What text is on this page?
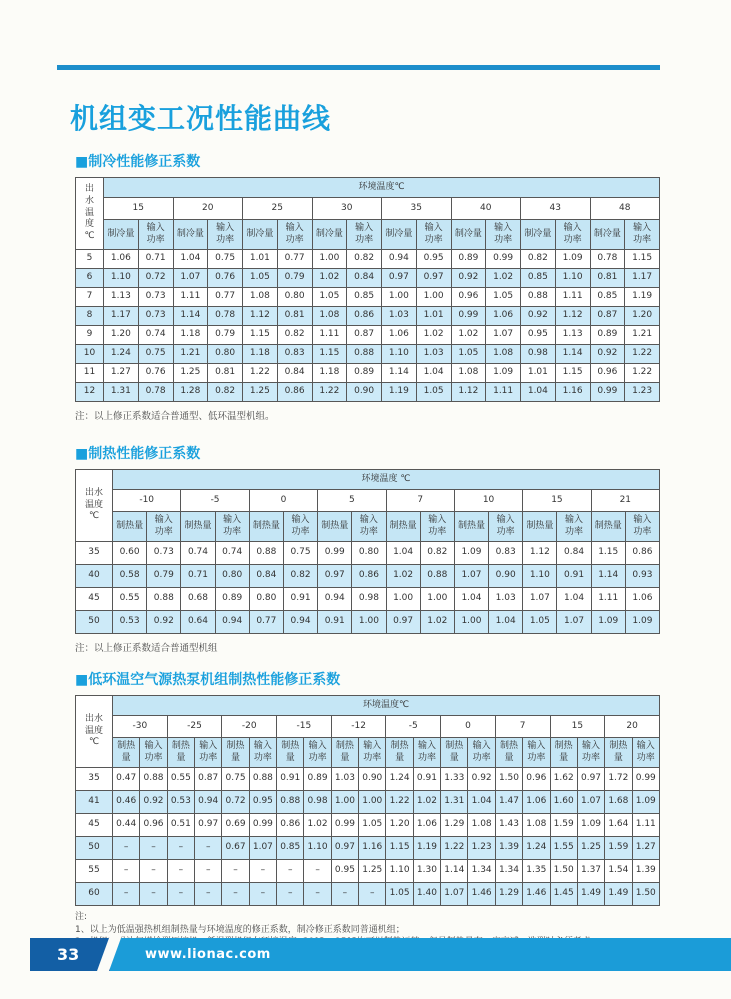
机组变工况性能曲线
■制冷性能修正系数
出
水
温
度
℃	环境温度℃															
	15		20		25		30		35		40		43		48	
	制冷量	输入
功率	制冷量	输入
功率	制冷量	输入
功率	制冷量	输入
功率	制冷量	输入
功率	制冷量	输入
功率	制冷量	输入
功率	制冷量	输入
功率
5	1.06	0.71	1.04	0.75	1.01	0.77	1.00	0.82	0.94	0.95	0.89	0.99	0.82	1.09	0.78	1.15
6	1.10	0.72	1.07	0.76	1.05	0.79	1.02	0.84	0.97	0.97	0.92	1.02	0.85	1.10	0.81	1.17
7	1.13	0.73	1.11	0.77	1.08	0.80	1.05	0.85	1.00	1.00	0.96	1.05	0.88	1.11	0.85	1.19
8	1.17	0.73	1.14	0.78	1.12	0.81	1.08	0.86	1.03	1.01	0.99	1.06	0.92	1.12	0.87	1.20
9	1.20	0.74	1.18	0.79	1.15	0.82	1.11	0.87	1.06	1.02	1.02	1.07	0.95	1.13	0.89	1.21
10	1.24	0.75	1.21	0.80	1.18	0.83	1.15	0.88	1.10	1.03	1.05	1.08	0.98	1.14	0.92	1.22
11	1.27	0.76	1.25	0.81	1.22	0.84	1.18	0.89	1.14	1.04	1.08	1.09	1.01	1.15	0.96	1.22
12	1.31	0.78	1.28	0.82	1.25	0.86	1.22	0.90	1.19	1.05	1.12	1.11	1.04	1.16	0.99	1.23
注：以上修正系数适合普通型、低环温型机组。
■制热性能修正系数
出水
温度
℃	环境温度 ℃															
	-10		-5		0		5		7		10		15		21	
	制热量	输入
功率	制热量	输入
功率	制热量	输入
功率	制热量	输入
功率	制热量	输入
功率	制热量	输入
功率	制热量	输入
功率	制热量	输入
功率
35	0.60	0.73	0.74	0.74	0.88	0.75	0.99	0.80	1.04	0.82	1.09	0.83	1.12	0.84	1.15	0.86
40	0.58	0.79	0.71	0.80	0.84	0.82	0.97	0.86	1.02	0.88	1.07	0.90	1.10	0.91	1.14	0.93
45	0.55	0.88	0.68	0.89	0.80	0.91	0.94	0.98	1.00	1.00	1.04	1.03	1.07	1.04	1.11	1.06
50	0.53	0.92	0.64	0.94	0.77	0.94	0.91	1.00	0.97	1.02	1.00	1.04	1.05	1.07	1.09	1.09
注：以上修正系数适合普通型机组
■低环温空气源热泵机组制热性能修正系数
出水
温度
℃	环境温度℃																			
	-30		-25		-20		-15		-12		-5		0		7		15		20	
	制热
量	输入
功率	制热
量	输入
功率	制热
量	输入
功率	制热
量	输入
功率	制热
量	输入
功率	制热
量	输入
功率	制热
量	输入
功率	制热
量	输入
功率	制热
量	输入
功率	制热
量	输入
功率
35	0.47	0.88	0.55	0.87	0.75	0.88	0.91	0.89	1.03	0.90	1.24	0.91	1.33	0.92	1.50	0.96	1.62	0.97	1.72	0.99
41	0.46	0.92	0.53	0.94	0.72	0.95	0.88	0.98	1.00	1.00	1.22	1.02	1.31	1.04	1.47	1.06	1.60	1.07	1.68	1.09
45	0.44	0.96	0.51	0.97	0.69	0.99	0.86	1.02	0.99	1.05	1.20	1.06	1.29	1.08	1.43	1.08	1.59	1.09	1.64	1.11
50	–	–	–	–	0.67	1.07	0.85	1.10	0.97	1.16	1.15	1.19	1.22	1.23	1.39	1.24	1.55	1.25	1.59	1.27
55	–	–	–	–	–	–	–	–	0.95	1.25	1.10	1.30	1.14	1.34	1.34	1.35	1.50	1.37	1.54	1.39
60	–	–	–	–	–	–	–	–	–	–	1.05	1.40	1.07	1.46	1.29	1.46	1.45	1.49	1.49	1.50
注:
1、以上为低温强热机组制热量与环境温度的修正系数，制冷修正系数同普通机组；
33	www.lionac.com
